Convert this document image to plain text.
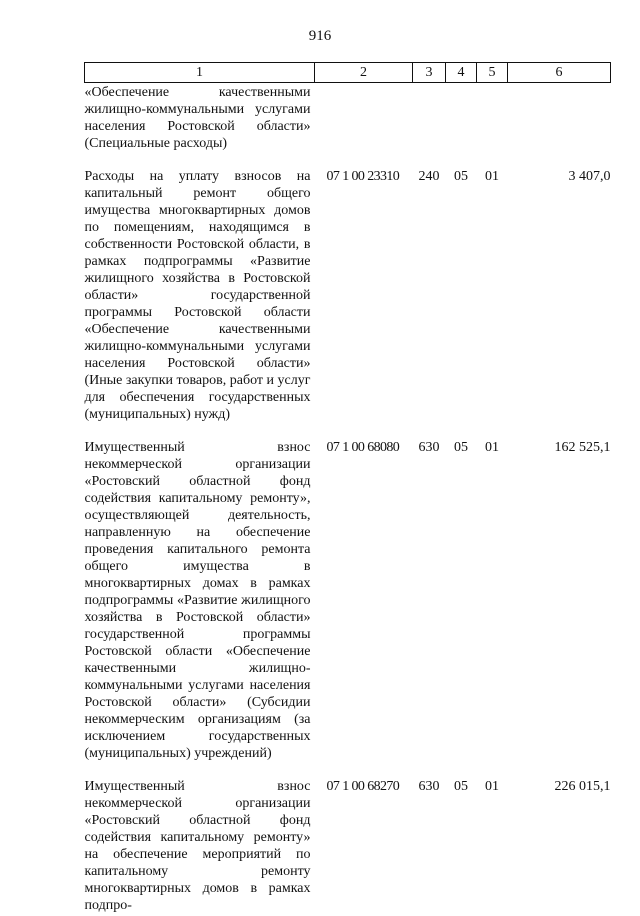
916
1	2	3	4	5	6
«Обеспечение качественными жилищно-коммунальными услугами населения Ростовской области» (Специальные расходы)					

Расходы на уплату взносов на капитальный ремонт общего имущества многоквартирных домов по помещениям, находящимся в собственности Ростовской области, в рамках подпрограммы «Развитие жилищного хозяйства в Ростовской области» государственной программы Ростовской области «Обеспечение качественными жилищно-коммунальными услугами населения Ростовской области» (Иные закупки товаров, работ и услуг для обеспечения государственных (муниципальных) нужд)	07 1 00 23310	240	05	01	3 407,0

Имущественный взнос некоммерческой организации «Ростовский областной фонд содействия капитальному ремонту», осуществляющей деятельность, направленную на обеспечение проведения капитального ремонта общего имущества в многоквартирных домах в рамках подпрограммы «Развитие жилищного хозяйства в Ростовской области» государственной программы Ростовской области «Обеспечение качественными жилищно-коммунальными услугами населения Ростовской области» (Субсидии некоммерческим организациям (за исключением государственных (муниципальных) учреждений)	07 1 00 68080	630	05	01	162 525,1

Имущественный взнос некоммерческой организации «Ростовский областной фонд содействия капитальному ремонту» на обеспечение мероприятий по капитальному ремонту многоквартирных домов в рамках подпро-	07 1 00 68270	630	05	01	226 015,1
